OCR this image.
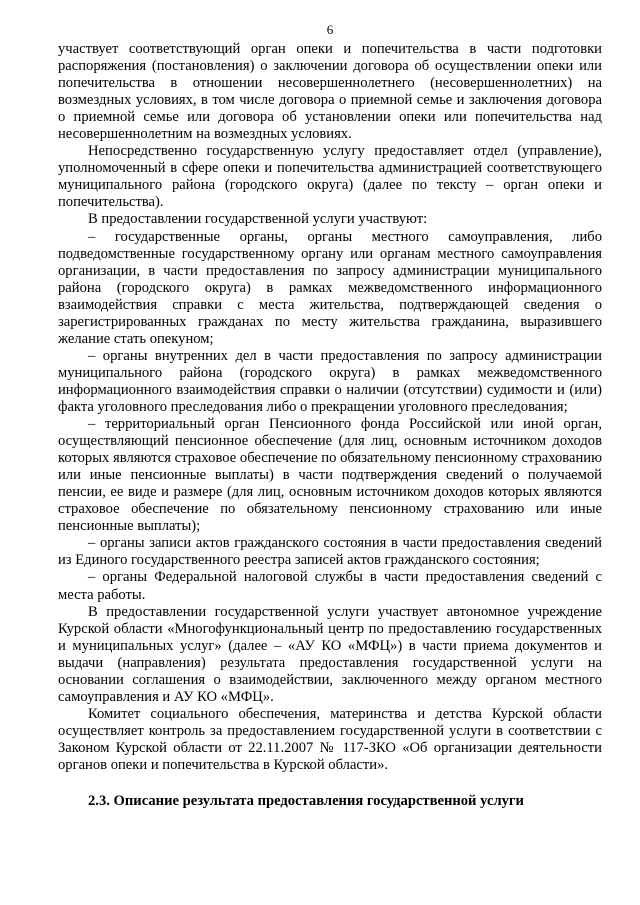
6

участвует соответствующий орган опеки и попечительства в части подготовки распоряжения (постановления) о заключении договора об осуществлении опеки или попечительства в отношении несовершеннолетнего (несовершеннолетних) на возмездных условиях, в том числе договора о приемной семье и заключения договора о приемной семье или договора об установлении опеки или попечительства над несовершеннолетним на возмездных условиях.

Непосредственно государственную услугу предоставляет отдел (управление), уполномоченный в сфере опеки и попечительства администрацией соответствующего муниципального района (городского округа) (далее по тексту – орган опеки и попечительства).

В предоставлении государственной услуги участвуют:

– государственные органы, органы местного самоуправления, либо подведомственные государственному органу или органам местного самоуправления организации, в части предоставления по запросу администрации муниципального района (городского округа) в рамках межведомственного информационного взаимодействия справки с места жительства, подтверждающей сведения о зарегистрированных гражданах по месту жительства гражданина, выразившего желание стать опекуном;

– органы внутренних дел в части предоставления по запросу администрации муниципального района (городского округа) в рамках межведомственного информационного взаимодействия справки о наличии (отсутствии) судимости и (или) факта уголовного преследования либо о прекращении уголовного преследования;

– территориальный орган Пенсионного фонда Российской или иной орган, осуществляющий пенсионное обеспечение (для лиц, основным источником доходов которых являются страховое обеспечение по обязательному пенсионному страхованию или иные пенсионные выплаты) в части подтверждения сведений о получаемой пенсии, ее виде и размере (для лиц, основным источником доходов которых являются страховое обеспечение по обязательному пенсионному страхованию или иные пенсионные выплаты);

– органы записи актов гражданского состояния в части предоставления сведений из Единого государственного реестра записей актов гражданского состояния;

– органы Федеральной налоговой службы в части предоставления сведений с места работы.

В предоставлении государственной услуги участвует автономное учреждение Курской области «Многофункциональный центр по предоставлению государственных и муниципальных услуг» (далее – «АУ КО «МФЦ») в части приема документов и выдачи (направления) результата предоставления государственной услуги на основании соглашения о взаимодействии, заключенного между органом местного самоуправления и АУ КО «МФЦ».

Комитет социального обеспечения, материнства и детства Курской области осуществляет контроль за предоставлением государственной услуги в соответствии с Законом Курской области от 22.11.2007 № 117-ЗКО «Об организации деятельности органов опеки и попечительства в Курской области».

2.3. Описание результата предоставления государственной услуги
